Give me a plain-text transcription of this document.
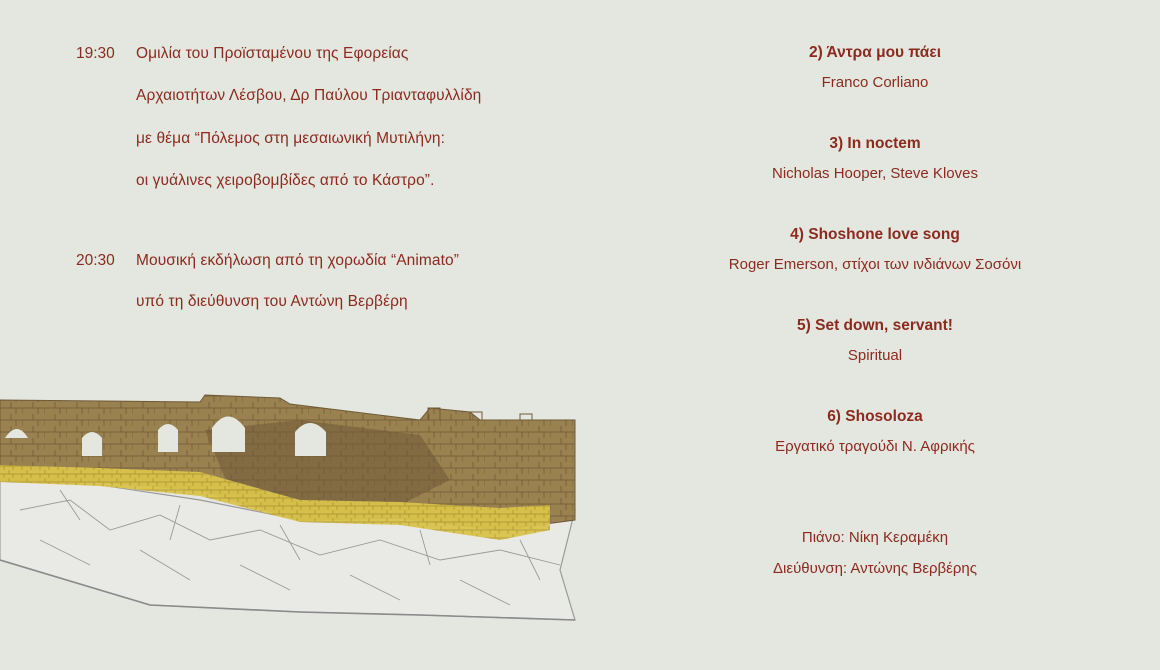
19:30 Ομιλία του Προϊσταμένου της Εφορείας
Αρχαιοτήτων Λέσβου, Δρ Παύλου Τριανταφυλλίδη
με θέμα “Πόλεμος στη μεσαιωνική Μυτιλήνη:
οι γυάλινες χειροβομβίδες από το Κάστρο”.
20:30 Μουσική εκδήλωση από τη χορωδία “Animato”
υπό τη διεύθυνση του Αντώνη Βερβέρη
2) Άντρα μου πάει
Franco Corliano
3) In noctem
Nicholas Hooper, Steve Kloves
4) Shoshone love song
Roger Emerson, στίχοι των ινδιάνων Σοσόνι
5) Set down, servant!
Spiritual
6) Shosoloza
Εργατικό τραγούδι Ν. Αφρικής
Πιάνο: Νίκη Κεραμέκη
Διεύθυνση: Αντώνης Βερβέρης
